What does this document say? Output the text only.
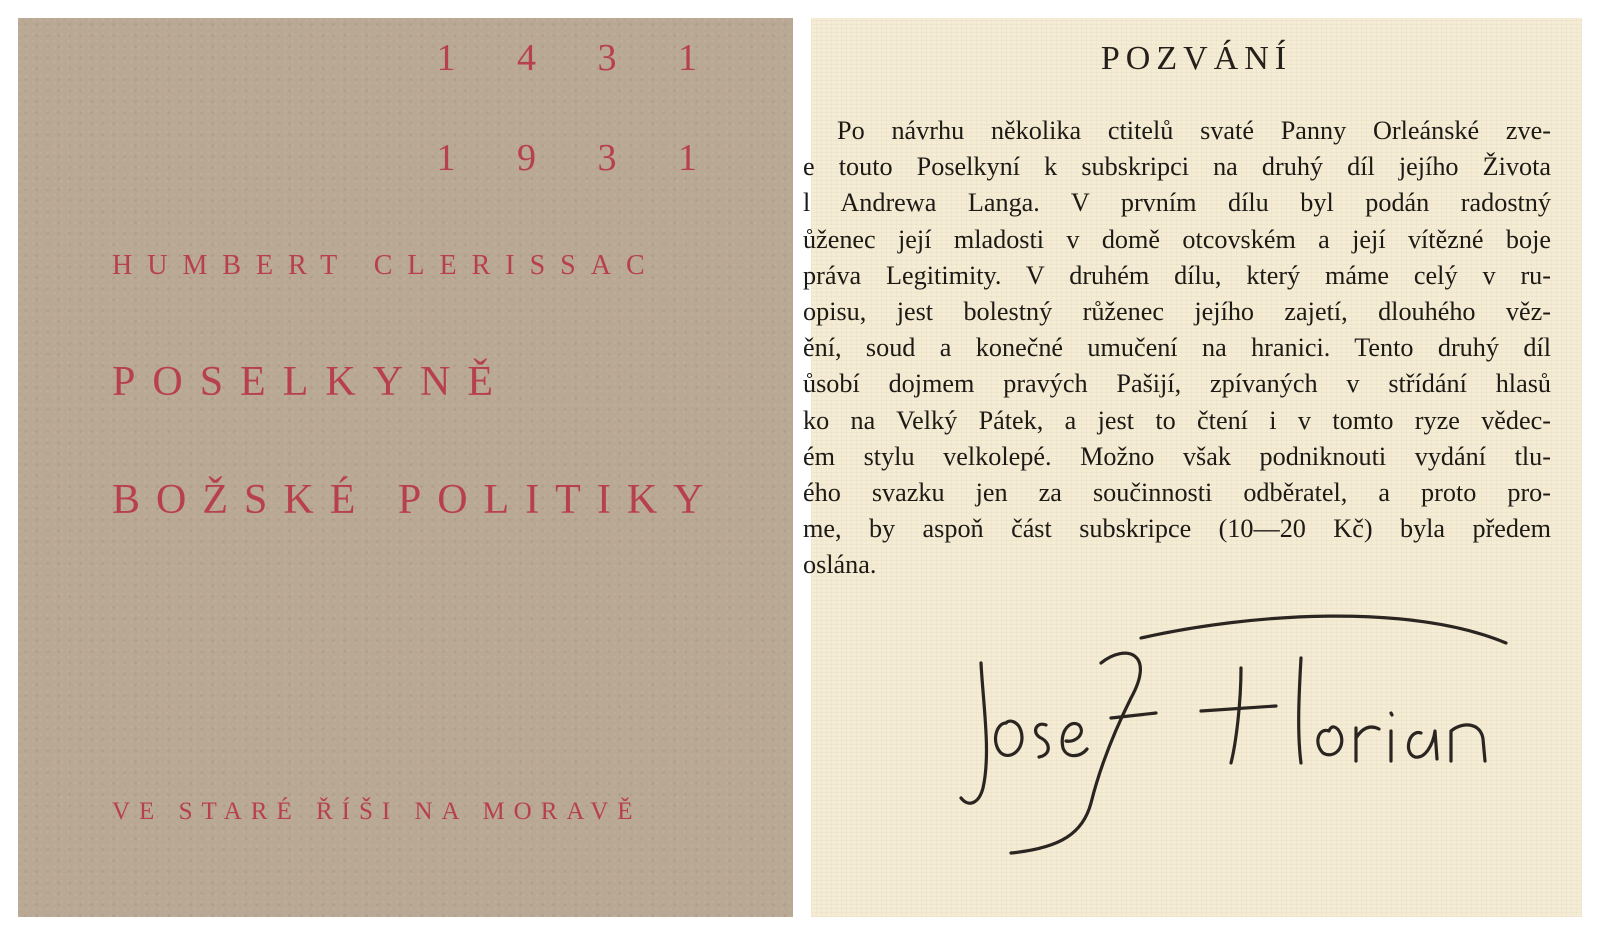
1 4 3 1
1 9 3 1
HUMBERT CLERISSAC
POSELKYNĚ
BOŽSKÉ POLITIKY
VE STARÉ ŘÍŠI NA MORAVĚ
POZVÁNÍ
Po návrhu několika ctitelů svaté Panny Orleánské zve-
e touto Poselkyní k subskripci na druhý díl jejího Života
l Andrewa Langa. V prvním dílu byl podán radostný
ůženec její mladosti v domě otcovském a její vítězné boje
práva Legitimity. V druhém dílu, který máme celý v ru-
opisu, jest bolestný růženec jejího zajetí, dlouhého věz-
ění, soud a konečné umučení na hranici. Tento druhý díl
ůsobí dojmem pravých Pašijí, zpívaných v střídání hlasů
ko na Velký Pátek, a jest to čtení i v tomto ryze vědec-
ém stylu velkolepé. Možno však podniknouti vydání tlu-
ého svazku jen za součinnosti odběratel, a proto pro-
me, by aspoň část subskripce (10—20 Kč) byla předem
oslána.
